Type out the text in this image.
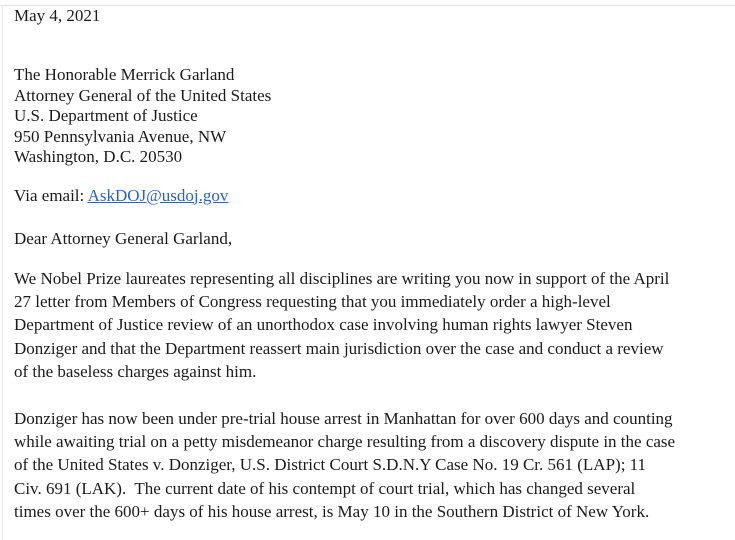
May 4, 2021
The Honorable Merrick Garland
Attorney General of the United States
U.S. Department of Justice
950 Pennsylvania Avenue, NW
Washington, D.C. 20530
Via email: AskDOJ@usdoj.gov
Dear Attorney General Garland,
We Nobel Prize laureates representing all disciplines are writing you now in support of the April
27 letter from Members of Congress requesting that you immediately order a high-level
Department of Justice review of an unorthodox case involving human rights lawyer Steven
Donziger and that the Department reassert main jurisdiction over the case and conduct a review
of the baseless charges against him.
Donziger has now been under pre-trial house arrest in Manhattan for over 600 days and counting
while awaiting trial on a petty misdemeanor charge resulting from a discovery dispute in the case
of the United States v. Donziger, U.S. District Court S.D.N.Y Case No. 19 Cr. 561 (LAP); 11
Civ. 691 (LAK).  The current date of his contempt of court trial, which has changed several
times over the 600+ days of his house arrest, is May 10 in the Southern District of New York.
